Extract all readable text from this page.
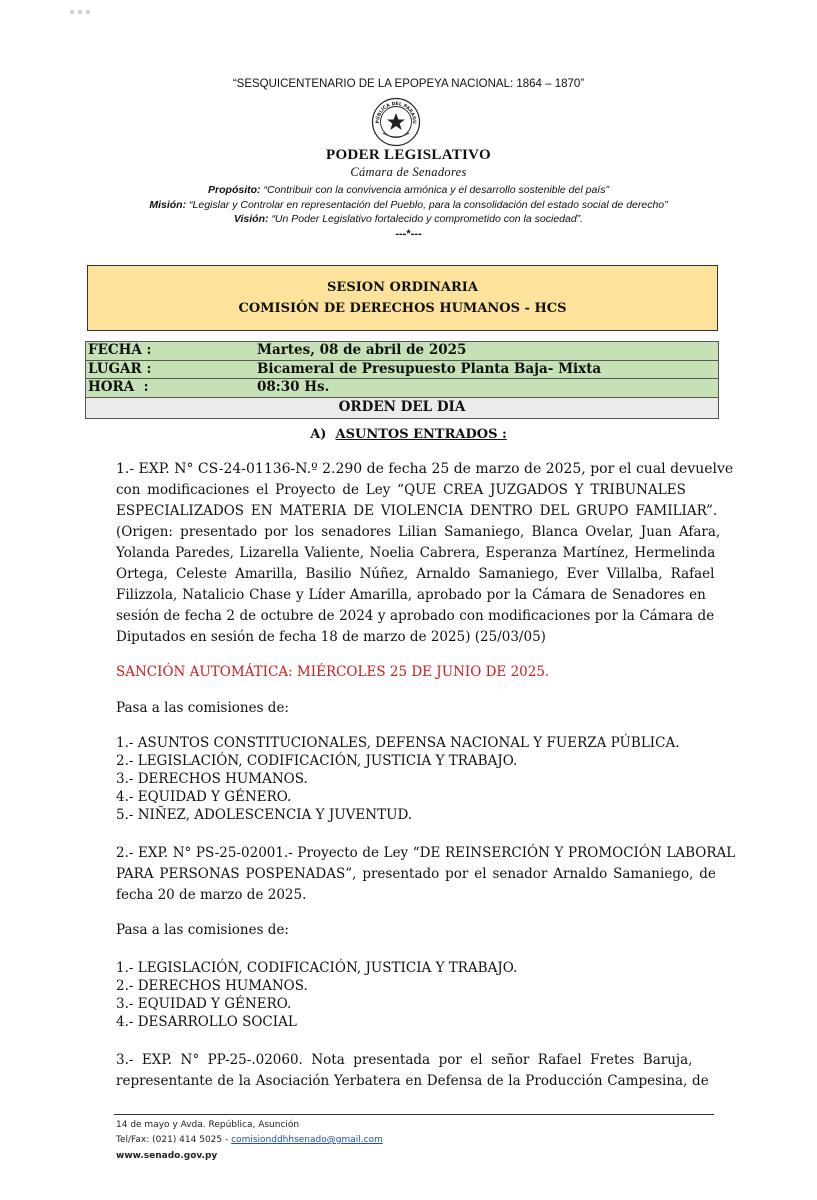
“SESQUICENTENARIO DE LA EPOPEYA NACIONAL: 1864 – 1870”
PÚBLICA DEL PARAGU
PODER LEGISLATIVO
Cámara de Senadores
Propósito: “Contribuir con la convivencia armónica y el desarrollo sostenible del país”
Misión: “Legislar y Controlar en representación del Pueblo, para la consolidación del estado social de derecho”
Visión: “Un Poder Legislativo fortalecido y comprometido con la sociedad”.
---*---
SESION ORDINARIA
COMISIÓN DE DERECHOS HUMANOS - HCS
FECHA :	Martes, 08 de abril de 2025
LUGAR :	Bicameral de Presupuesto Planta Baja- Mixta
HORA  :	08:30 Hs.
ORDEN DEL DIA
A) ASUNTOS ENTRADOS :
1.- EXP. N° CS-24-01136-N.º 2.290 de fecha 25 de marzo de 2025, por el cual devuelve
con modificaciones el Proyecto de Ley “QUE CREA JUZGADOS Y TRIBUNALES
ESPECIALIZADOS EN MATERIA DE VIOLENCIA DENTRO DEL GRUPO FAMILIAR”.
(Origen: presentado por los senadores Lilian Samaniego, Blanca Ovelar, Juan Afara,
Yolanda Paredes, Lizarella Valiente, Noelia Cabrera, Esperanza Martínez, Hermelinda
Ortega, Celeste Amarilla, Basilio Núñez, Arnaldo Samaniego, Ever Villalba, Rafael
Filizzola, Natalicio Chase y Líder Amarilla, aprobado por la Cámara de Senadores en
sesión de fecha 2 de octubre de 2024 y aprobado con modificaciones por la Cámara de
Diputados en sesión de fecha 18 de marzo de 2025) (25/03/05)
SANCIÓN AUTOMÁTICA: MIÉRCOLES 25 DE JUNIO DE 2025.
Pasa a las comisiones de:
1.- ASUNTOS CONSTITUCIONALES, DEFENSA NACIONAL Y FUERZA PÚBLICA.
2.- LEGISLACIÓN, CODIFICACIÓN, JUSTICIA Y TRABAJO.
3.- DERECHOS HUMANOS.
4.- EQUIDAD Y GÉNERO.
5.- NIÑEZ, ADOLESCENCIA Y JUVENTUD.
2.- EXP. N° PS-25-02001.- Proyecto de Ley “DE REINSERCIÓN Y PROMOCIÓN LABORAL
PARA PERSONAS POSPENADAS”, presentado por el senador Arnaldo Samaniego, de
fecha 20 de marzo de 2025.
Pasa a las comisiones de:
1.- LEGISLACIÓN, CODIFICACIÓN, JUSTICIA Y TRABAJO.
2.- DERECHOS HUMANOS.
3.- EQUIDAD Y GÉNERO.
4.- DESARROLLO SOCIAL
3.- EXP. N° PP-25-.02060. Nota presentada por el señor Rafael Fretes Baruja,
representante de la Asociación Yerbatera en Defensa de la Producción Campesina, de
14 de mayo y Avda. República, Asunción
Tel/Fax: (021) 414 5025 - comisionddhhsenado@gmail.com
www.senado.gov.py
